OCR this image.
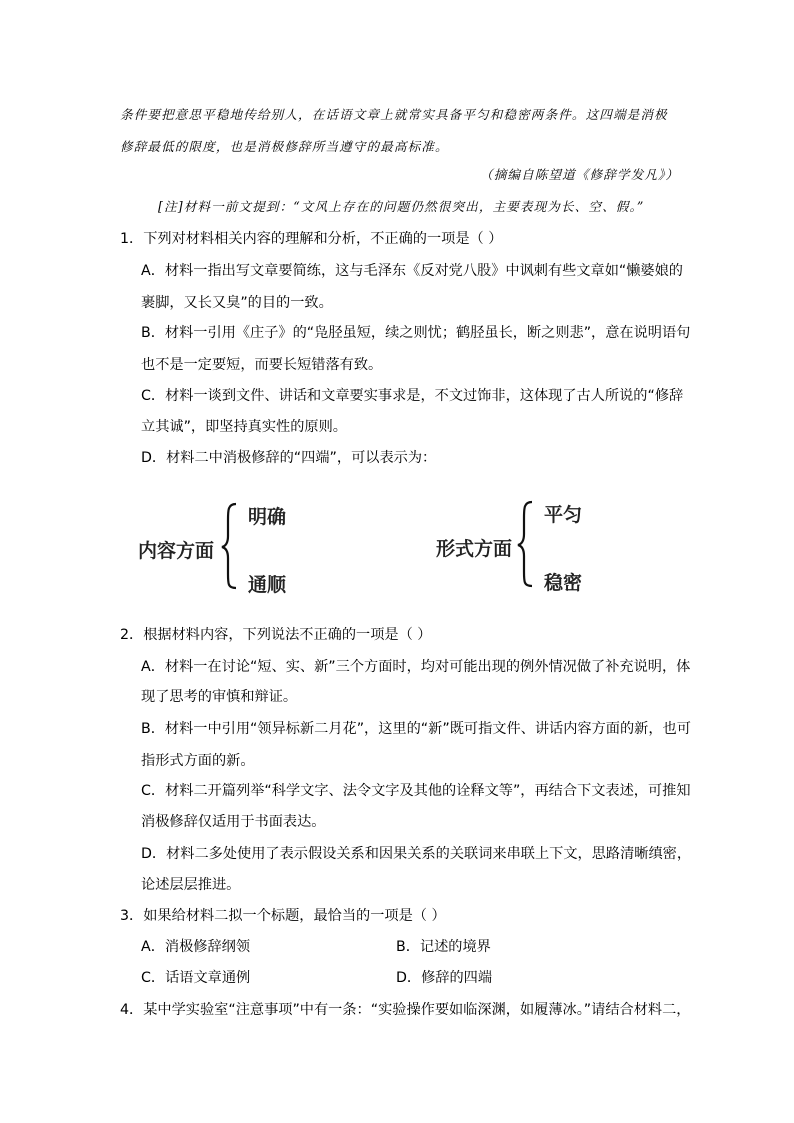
条件要把意思平稳地传给别人，在话语文章上就常实具备平匀和稳密两条件。这四端是消极
修辞最低的限度，也是消极修辞所当遵守的最高标准。
（摘编自陈望道《修辞学发凡》）
[注]材料一前文提到：“文风上存在的问题仍然很突出，主要表现为长、空、假。”
1．下列对材料相关内容的理解和分析，不正确的一项是（ ）
A．材料一指出写文章要简练，这与毛泽东《反对党八股》中讽刺有些文章如“懒婆娘的
裹脚，又长又臭”的目的一致。
B．材料一引用《庄子》的“凫胫虽短，续之则忧；鹤胫虽长，断之则悲”，意在说明语句
也不是一定要短，而要长短错落有致。
C．材料一谈到文件、讲话和文章要实事求是，不文过饰非，这体现了古人所说的“修辞
立其诚”，即坚持真实性的原则。
D．材料二中消极修辞的“四端”，可以表示为：
内容方面
明确
通顺
形式方面
平匀
稳密
2．根据材料内容，下列说法不正确的一项是（ ）
A．材料一在讨论“短、实、新”三个方面时，均对可能出现的例外情况做了补充说明，体
现了思考的审慎和辩证。
B．材料一中引用“领异标新二月花”，这里的“新”既可指文件、讲话内容方面的新，也可
指形式方面的新。
C．材料二开篇列举“科学文字、法令文字及其他的诠释文等”，再结合下文表述，可推知
消极修辞仅适用于书面表达。
D．材料二多处使用了表示假设关系和因果关系的关联词来串联上下文，思路清晰缜密，
论述层层推进。
3．如果给材料二拟一个标题，最恰当的一项是（ ）
A．消极修辞纲领	B．记述的境界
C．话语文章通例	D．修辞的四端
4．某中学实验室“注意事项”中有一条：“实验操作要如临深渊，如履薄冰。”请结合材料二，
